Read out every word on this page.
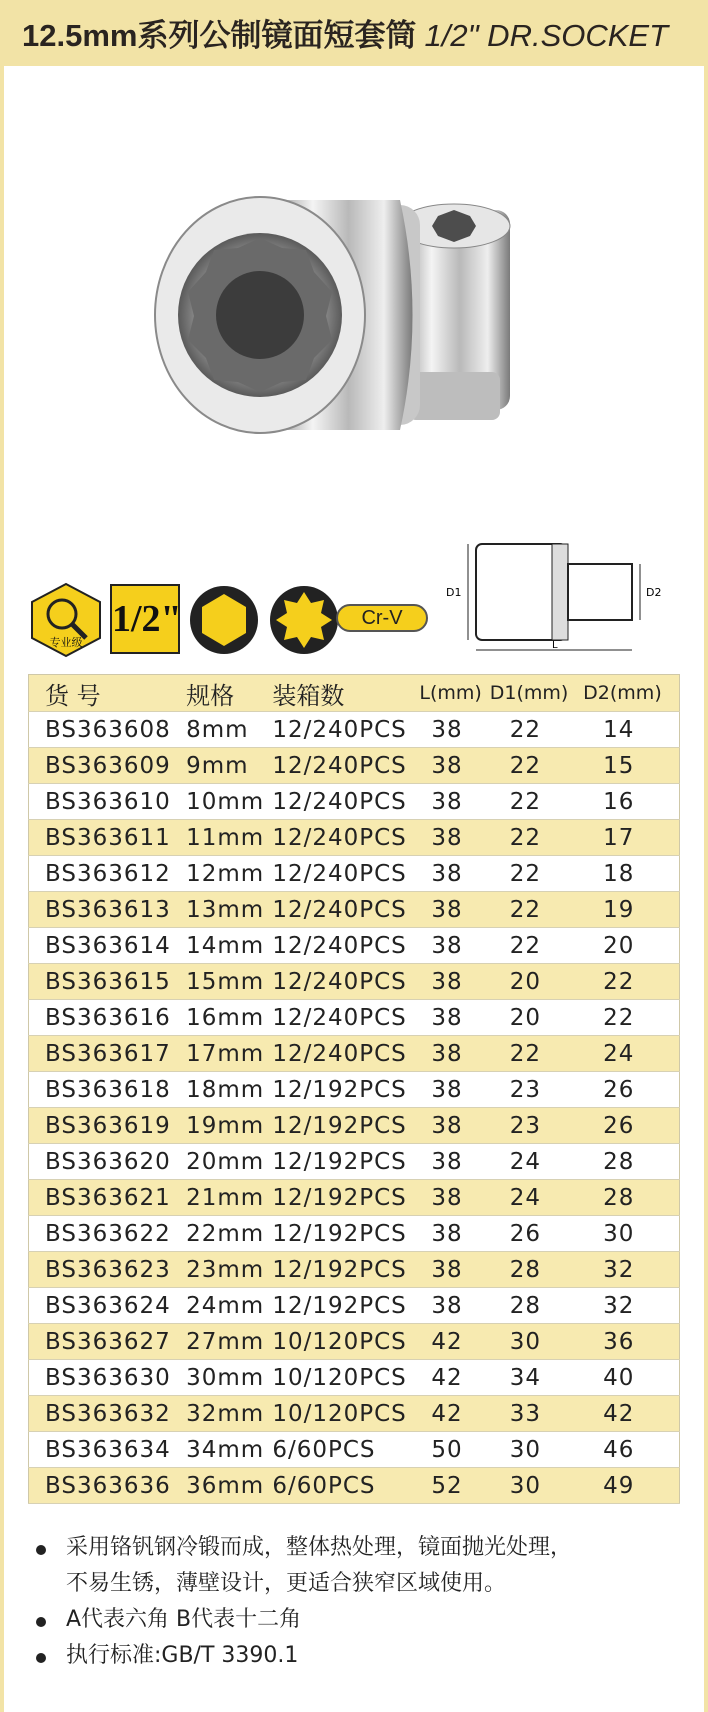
12.5mm系列公制镜面短套筒 1/2" DR.SOCKET
专业级
1/2"	Cr-V
D1	D2
L
货 号	规格	装箱数	L(mm)	D1(mm)	D2(mm)
BS363608	8mm	12/240PCS	38	22	14
BS363609	9mm	12/240PCS	38	22	15
BS363610	10mm	12/240PCS	38	22	16
BS363611	11mm	12/240PCS	38	22	17
BS363612	12mm	12/240PCS	38	22	18
BS363613	13mm	12/240PCS	38	22	19
BS363614	14mm	12/240PCS	38	22	20
BS363615	15mm	12/240PCS	38	20	22
BS363616	16mm	12/240PCS	38	20	22
BS363617	17mm	12/240PCS	38	22	24
BS363618	18mm	12/192PCS	38	23	26
BS363619	19mm	12/192PCS	38	23	26
BS363620	20mm	12/192PCS	38	24	28
BS363621	21mm	12/192PCS	38	24	28
BS363622	22mm	12/192PCS	38	26	30
BS363623	23mm	12/192PCS	38	28	32
BS363624	24mm	12/192PCS	38	28	32
BS363627	27mm	10/120PCS	42	30	36
BS363630	30mm	10/120PCS	42	34	40
BS363632	32mm	10/120PCS	42	33	42
BS363634	34mm	6/60PCS	50	30	46
BS363636	36mm	6/60PCS	52	30	49
采用铬钒钢冷锻而成，整体热处理，镜面抛光处理，
不易生锈，薄壁设计，更适合狭窄区域使用。
A代表六角 B代表十二角
执行标准:GB/T 3390.1
